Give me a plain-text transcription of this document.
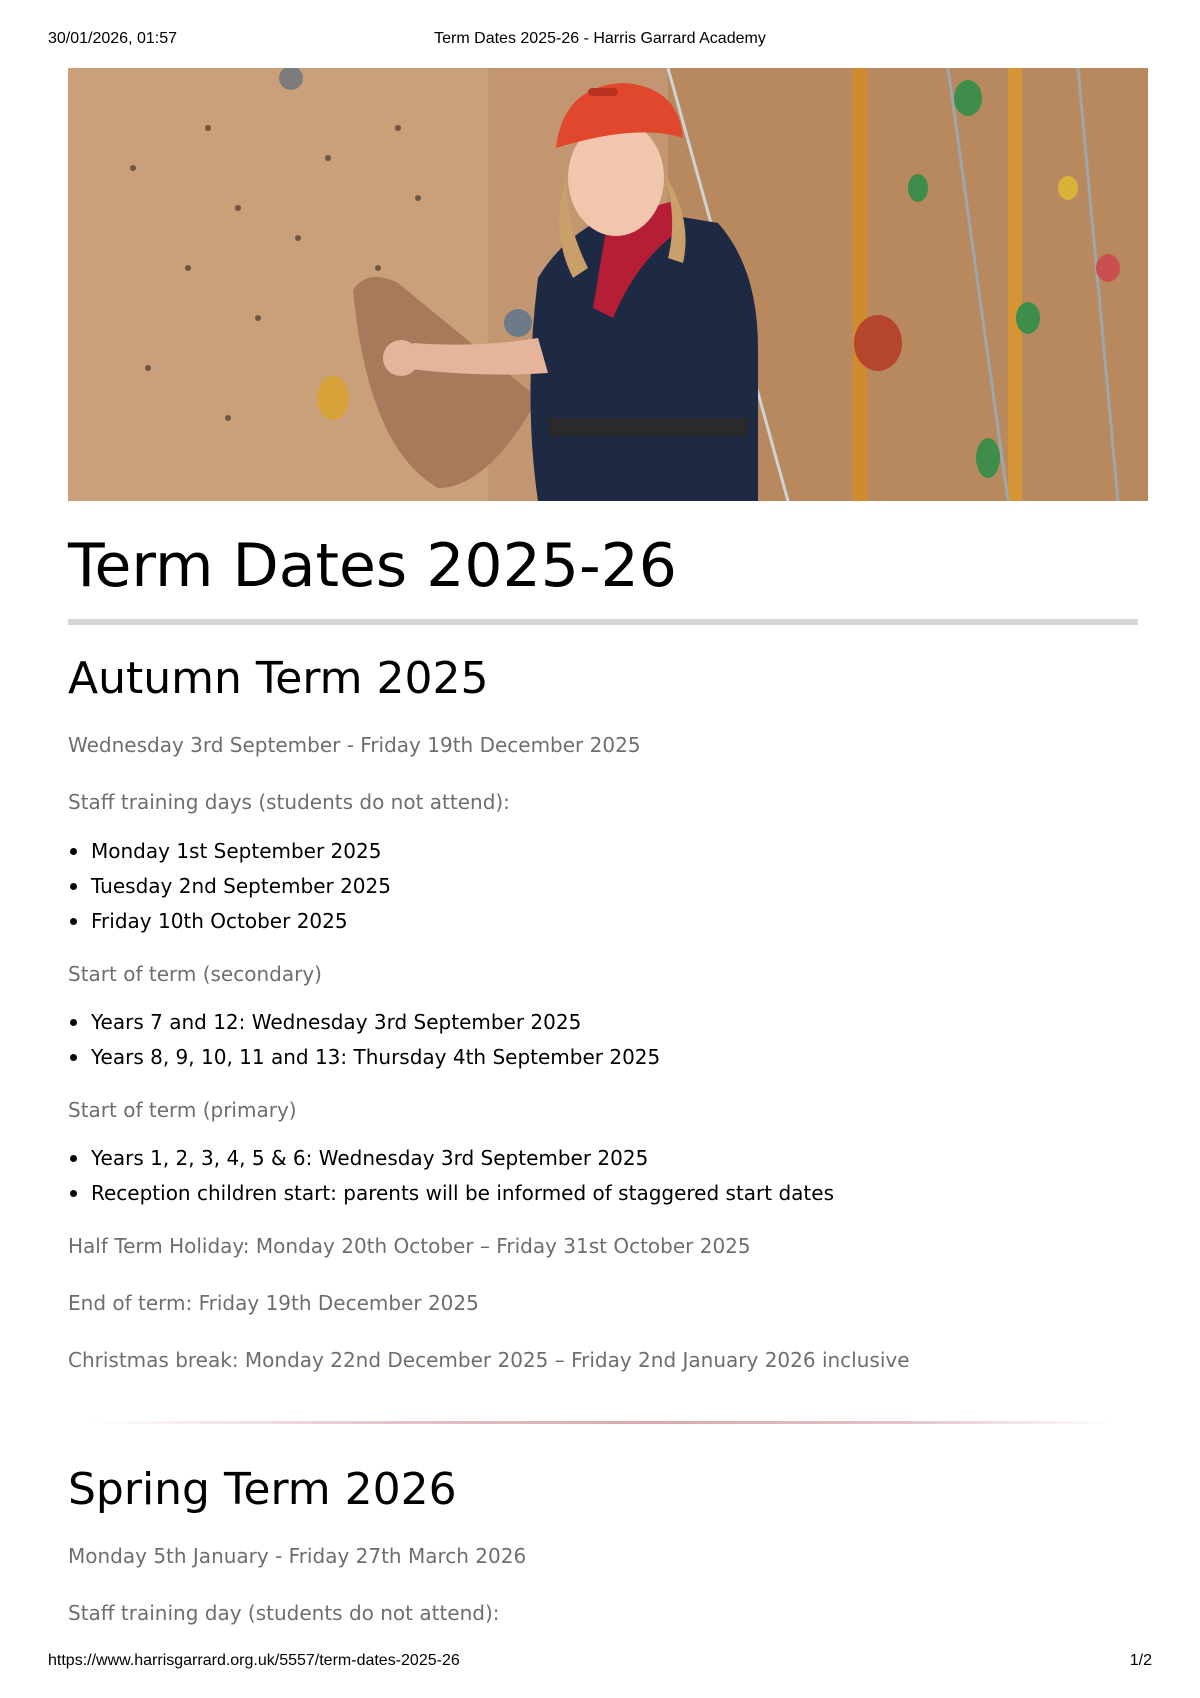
30/01/2026, 01:57	Term Dates 2025-26 - Harris Garrard Academy
Term Dates 2025-26
Autumn Term 2025

Wednesday 3rd September - Friday 19th December 2025

Staff training days (students do not attend):

Monday 1st September 2025
Tuesday 2nd September 2025
Friday 10th October 2025

Start of term (secondary)

Years 7 and 12: Wednesday 3rd September 2025
Years 8, 9, 10, 11 and 13: Thursday 4th September 2025

Start of term (primary)

Years 1, 2, 3, 4, 5 & 6: Wednesday 3rd September 2025
Reception children start: parents will be informed of staggered start dates

Half Term Holiday: Monday 20th October – Friday 31st October 2025

End of term: Friday 19th December 2025

Christmas break: Monday 22nd December 2025 – Friday 2nd January 2026 inclusive

Spring Term 2026

Monday 5th January - Friday 27th March 2026

Staff training day (students do not attend):

https://www.harrisgarrard.org.uk/5557/term-dates-2025-26	1/2
